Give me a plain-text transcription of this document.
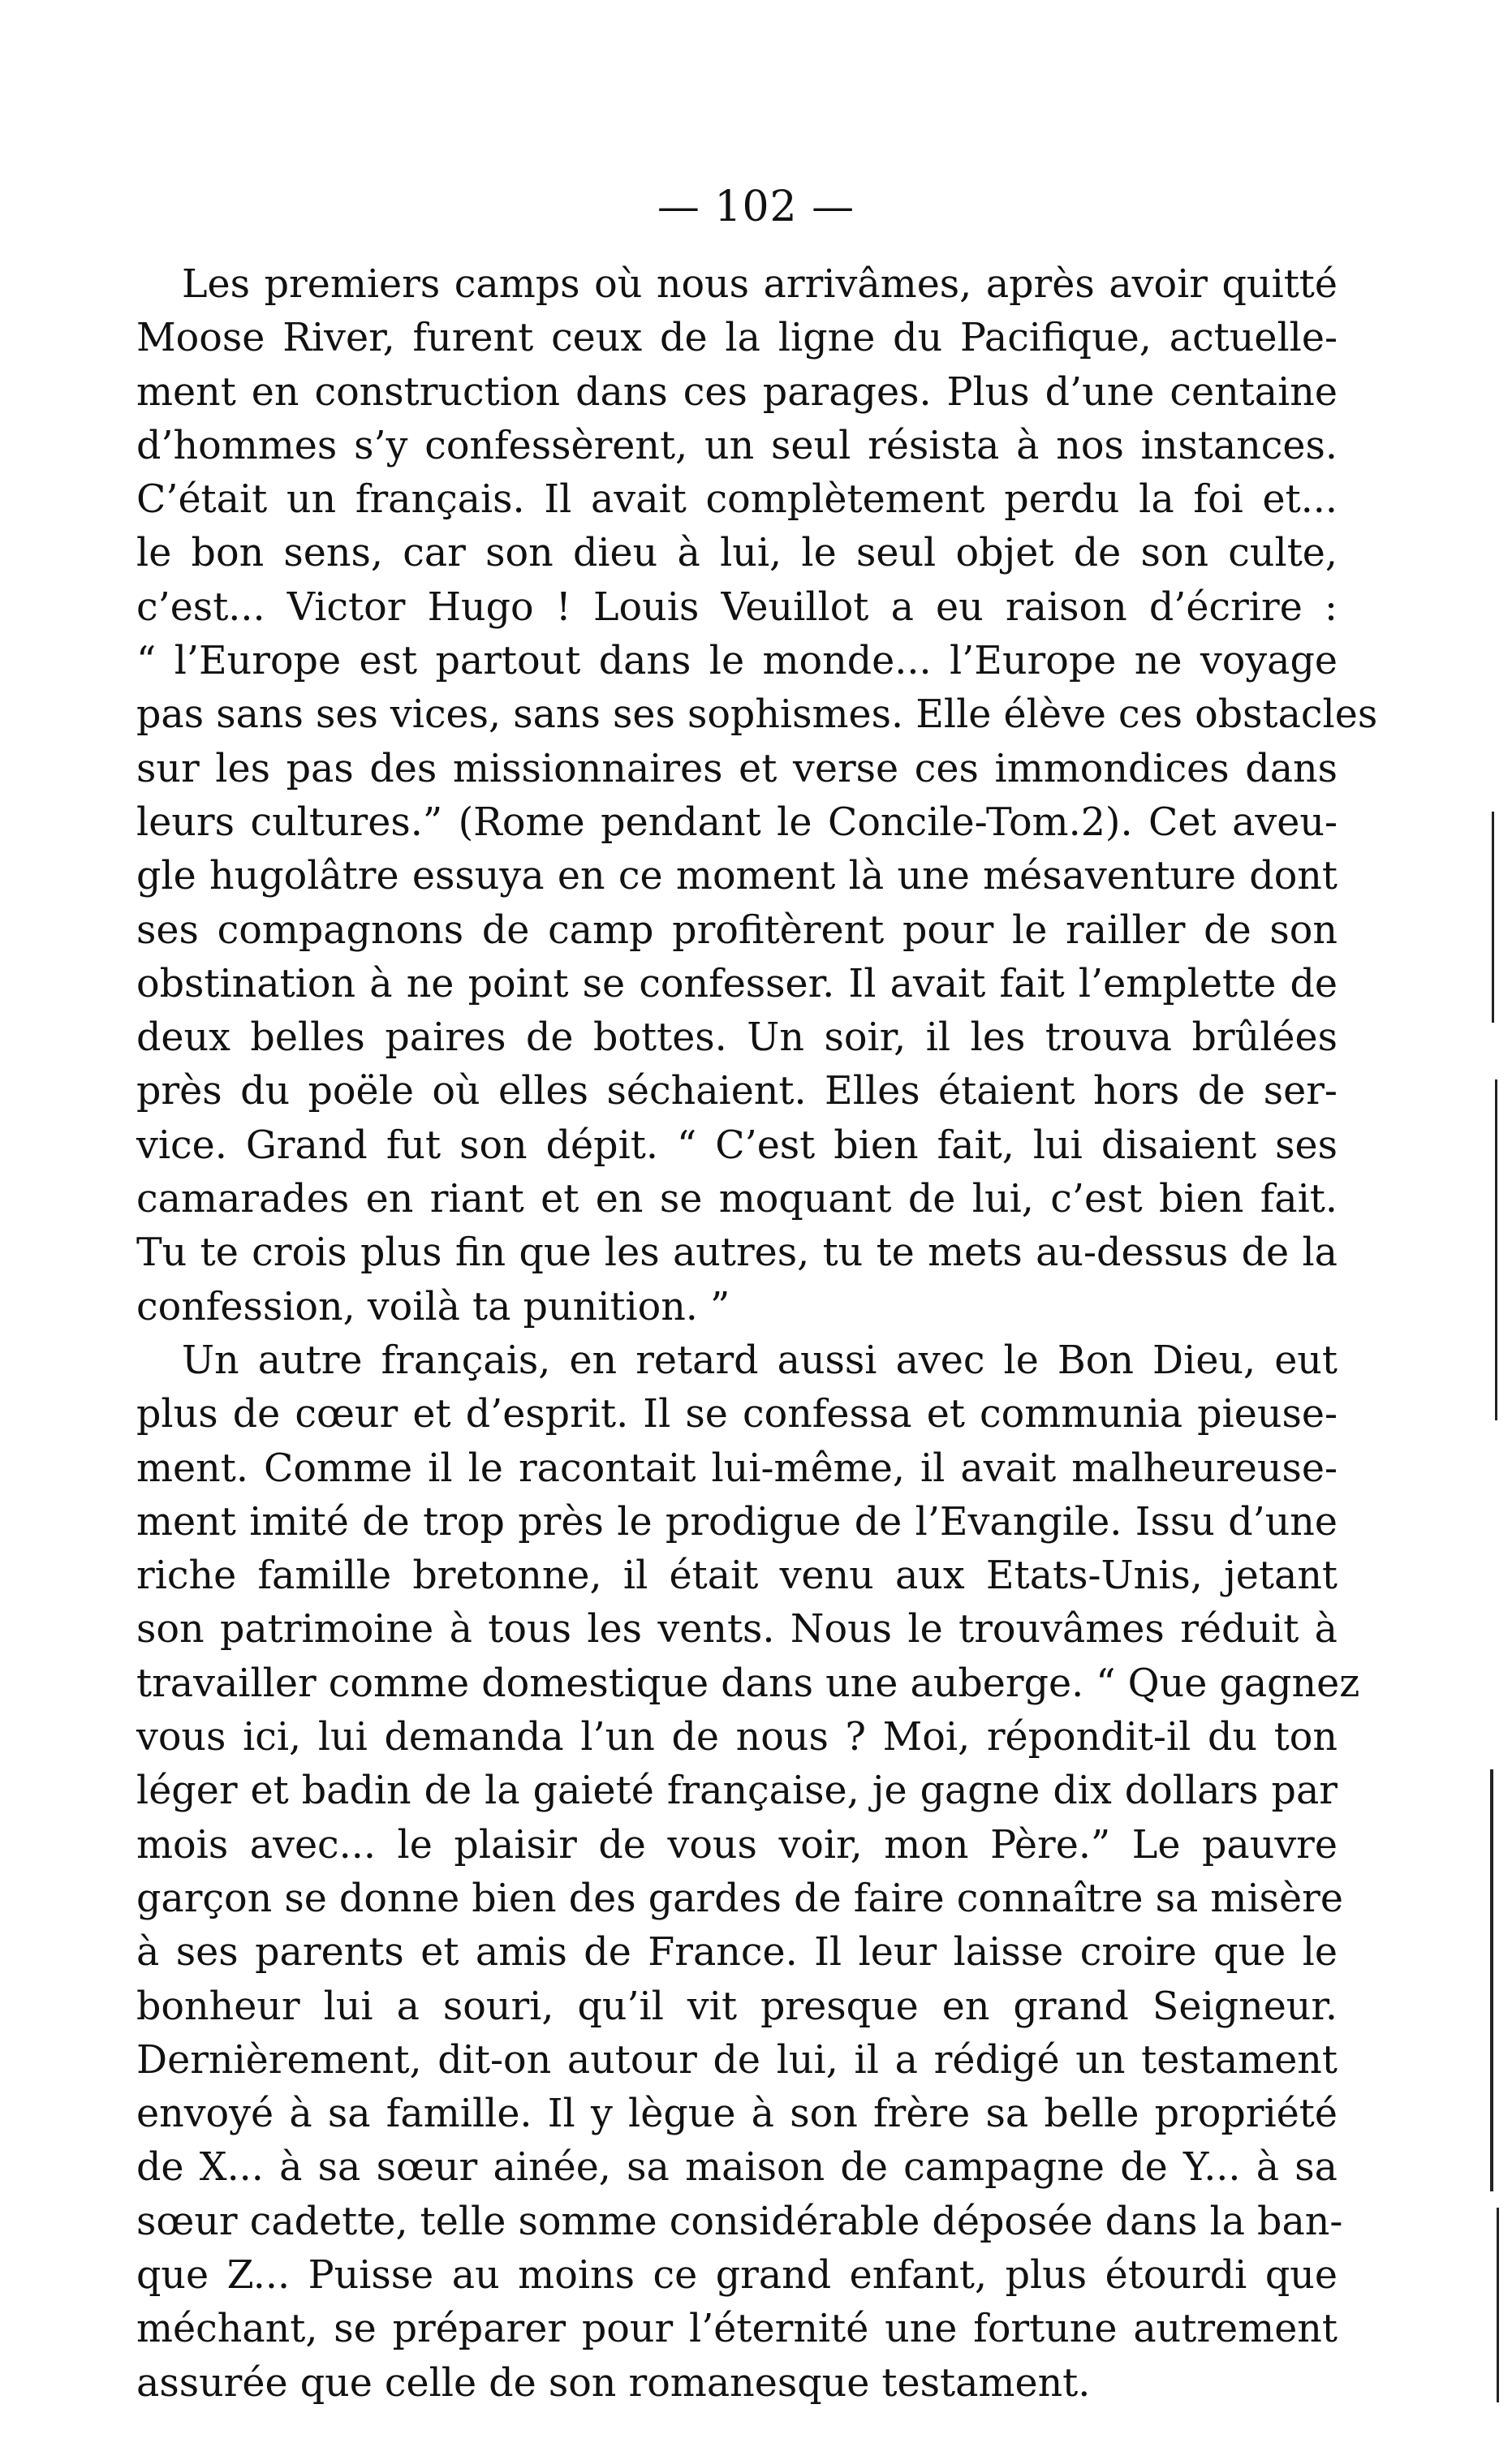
— 102 —
Les premiers camps où nous arrivâmes, après avoir quitté
Moose River, furent ceux de la ligne du Pacifique, actuelle-
ment en construction dans ces parages. Plus d’une centaine
d’hommes s’y confessèrent, un seul résista à nos instances.
C’était un français. Il avait complètement perdu la foi et...
le bon sens, car son dieu à lui, le seul objet de son culte,
c’est... Victor Hugo ! Louis Veuillot a eu raison d’écrire :
“ l’Europe est partout dans le monde... l’Europe ne voyage
pas sans ses vices, sans ses sophismes. Elle élève ces obstacles
sur les pas des missionnaires et verse ces immondices dans
leurs cultures.” (Rome pendant le Concile-Tom.2). Cet aveu-
gle hugolâtre essuya en ce moment là une mésaventure dont
ses compagnons de camp profitèrent pour le railler de son
obstination à ne point se confesser. Il avait fait l’emplette de
deux belles paires de bottes. Un soir, il les trouva brûlées
près du poële où elles séchaient. Elles étaient hors de ser-
vice. Grand fut son dépit. “ C’est bien fait, lui disaient ses
camarades en riant et en se moquant de lui, c’est bien fait.
Tu te crois plus fin que les autres, tu te mets au-dessus de la
confession, voilà ta punition. ”
Un autre français, en retard aussi avec le Bon Dieu, eut
plus de cœur et d’esprit. Il se confessa et communia pieuse-
ment. Comme il le racontait lui-même, il avait malheureuse-
ment imité de trop près le prodigue de l’Evangile. Issu d’une
riche famille bretonne, il était venu aux Etats-Unis, jetant
son patrimoine à tous les vents. Nous le trouvâmes réduit à
travailler comme domestique dans une auberge. “ Que gagnez
vous ici, lui demanda l’un de nous ? Moi, répondit-il du ton
léger et badin de la gaieté française, je gagne dix dollars par
mois avec... le plaisir de vous voir, mon Père.” Le pauvre
garçon se donne bien des gardes de faire connaître sa misère
à ses parents et amis de France. Il leur laisse croire que le
bonheur lui a souri, qu’il vit presque en grand Seigneur.
Dernièrement, dit-on autour de lui, il a rédigé un testament
envoyé à sa famille. Il y lègue à son frère sa belle propriété
de X... à sa sœur ainée, sa maison de campagne de Y... à sa
sœur cadette, telle somme considérable déposée dans la ban-
que Z... Puisse au moins ce grand enfant, plus étourdi que
méchant, se préparer pour l’éternité une fortune autrement
assurée que celle de son romanesque testament.
